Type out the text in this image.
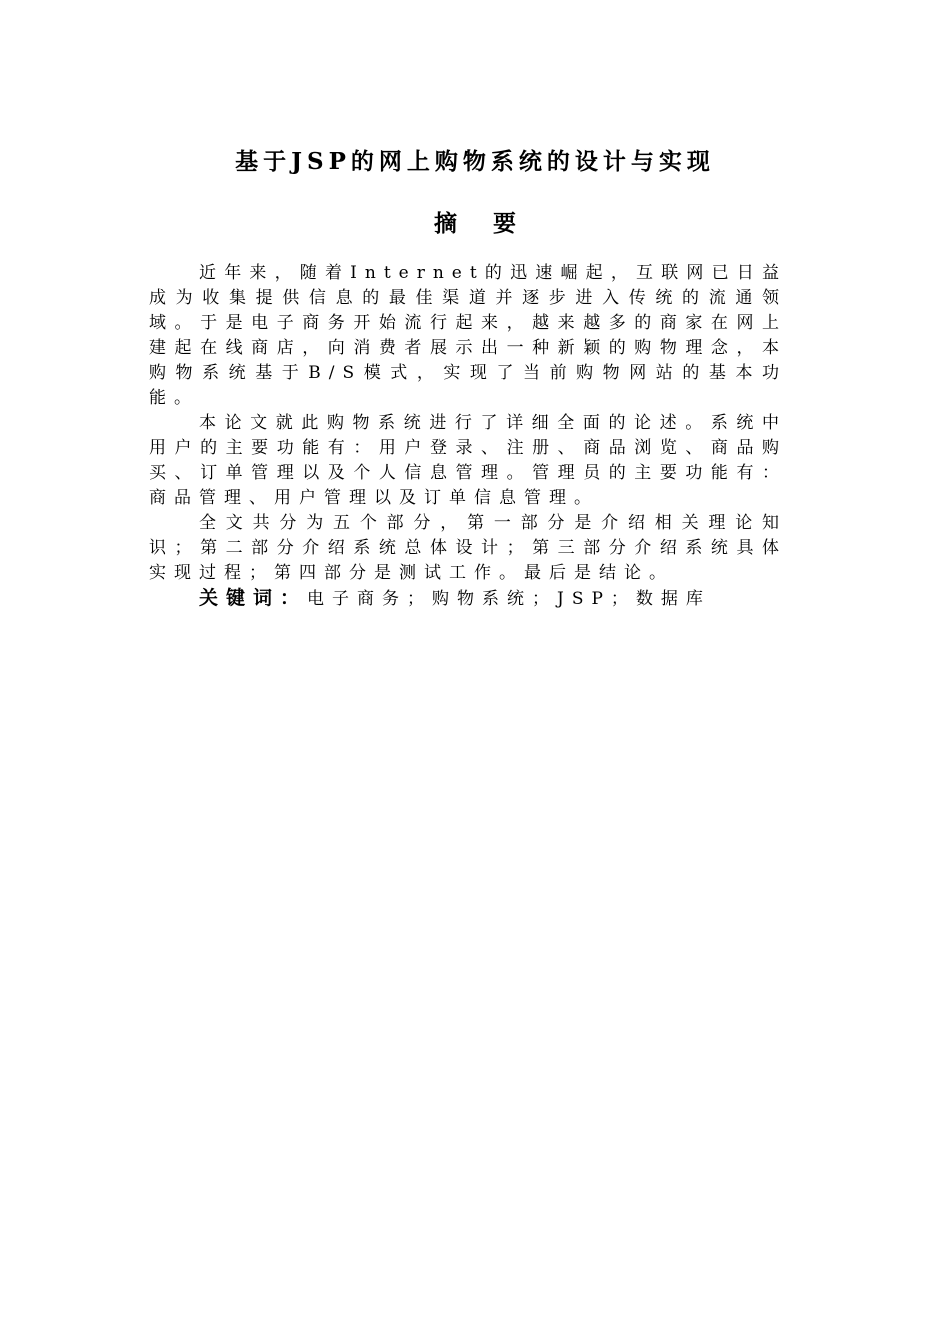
基于JSP的网上购物系统的设计与实现
摘要

近年来，随着Internet的迅速崛起，互联网已日益成为收集提供信息的最佳渠道并逐步进入传统的流通领域。于是电子商务开始流行起来，越来越多的商家在网上建起在线商店，向消费者展示出一种新颖的购物理念，本购物系统基于B/S模式，实现了当前购物网站的基本功能。

本论文就此购物系统进行了详细全面的论述。系统中用户的主要功能有：用户登录、注册、商品浏览、商品购买、订单管理以及个人信息管理。管理员的主要功能有：商品管理、用户管理以及订单信息管理。

全文共分为五个部分，第一部分是介绍相关理论知识；第二部分介绍系统总体设计；第三部分介绍系统具体实现过程；第四部分是测试工作。最后是结论。

关键词：电子商务；购物系统；JSP；数据库
